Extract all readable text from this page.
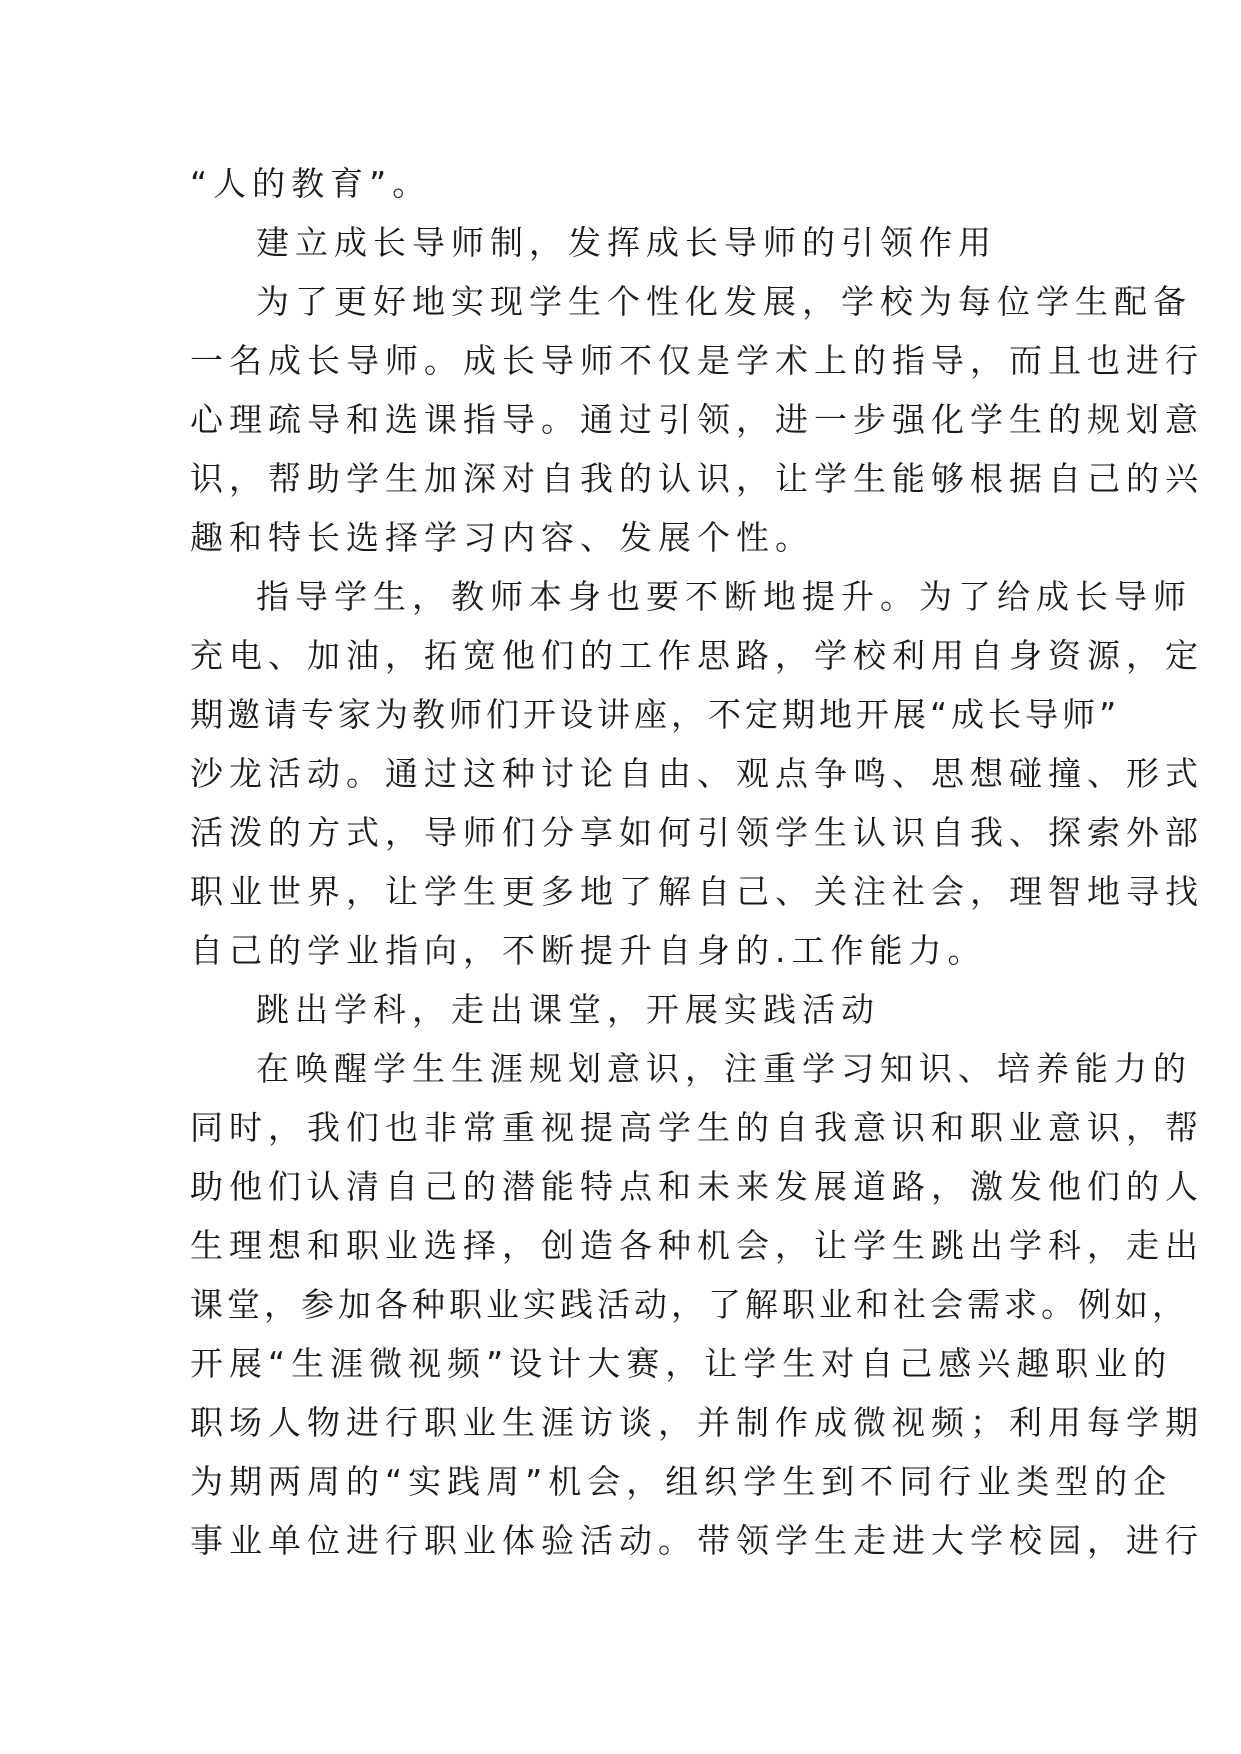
“人的教育”。
建立成长导师制，发挥成长导师的引领作用
为了更好地实现学生个性化发展，学校为每位学生配备
一名成长导师。成长导师不仅是学术上的指导，而且也进行
心理疏导和选课指导。通过引领，进一步强化学生的规划意
识，帮助学生加深对自我的认识，让学生能够根据自己的兴
趣和特长选择学习内容、发展个性。
指导学生，教师本身也要不断地提升。为了给成长导师
充电、加油，拓宽他们的工作思路，学校利用自身资源，定
期邀请专家为教师们开设讲座，不定期地开展“成长导师”
沙龙活动。通过这种讨论自由、观点争鸣、思想碰撞、形式
活泼的方式，导师们分享如何引领学生认识自我、探索外部
职业世界，让学生更多地了解自己、关注社会，理智地寻找
自己的学业指向，不断提升自身的.工作能力。
跳出学科，走出课堂，开展实践活动
在唤醒学生生涯规划意识，注重学习知识、培养能力的
同时，我们也非常重视提高学生的自我意识和职业意识，帮
助他们认清自己的潜能特点和未来发展道路，激发他们的人
生理想和职业选择，创造各种机会，让学生跳出学科，走出
课堂，参加各种职业实践活动，了解职业和社会需求。例如，
开展“生涯微视频”设计大赛，让学生对自己感兴趣职业的
职场人物进行职业生涯访谈，并制作成微视频；利用每学期
为期两周的“实践周”机会，组织学生到不同行业类型的企
事业单位进行职业体验活动。带领学生走进大学校园，进行
